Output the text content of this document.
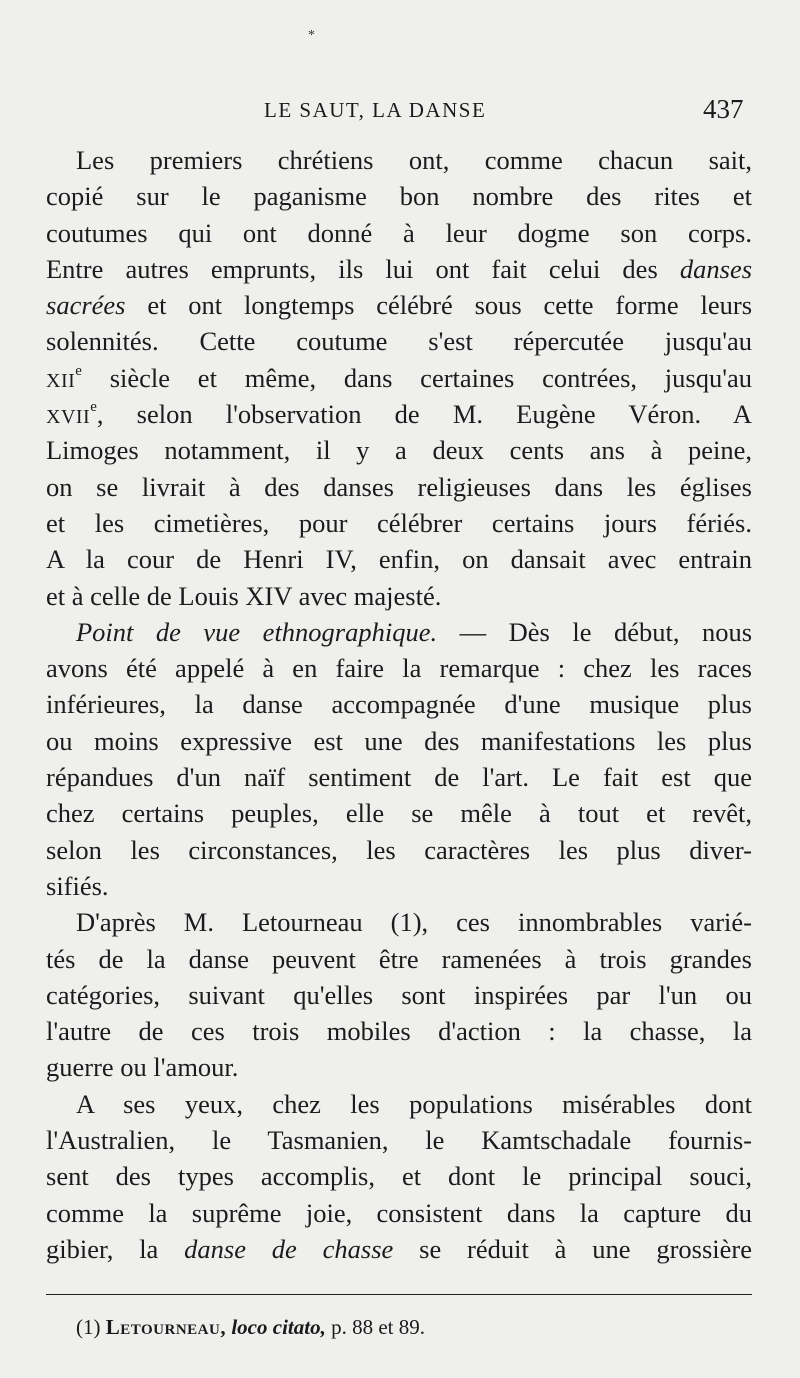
*
LE SAUT, LA DANSE	437
Les premiers chrétiens ont, comme chacun sait,
copié sur le paganisme bon nombre des rites et
coutumes qui ont donné à leur dogme son corps.
Entre autres emprunts, ils lui ont fait celui des danses
sacrées et ont longtemps célébré sous cette forme leurs
solennités. Cette coutume s'est répercutée jusqu'au
XIIe siècle et même, dans certaines contrées, jusqu'au
XVIIe, selon l'observation de M. Eugène Véron. A
Limoges notamment, il y a deux cents ans à peine,
on se livrait à des danses religieuses dans les églises
et les cimetières, pour célébrer certains jours fériés.
A la cour de Henri IV, enfin, on dansait avec entrain
et à celle de Louis XIV avec majesté.
Point de vue ethnographique. — Dès le début, nous
avons été appelé à en faire la remarque : chez les races
inférieures, la danse accompagnée d'une musique plus
ou moins expressive est une des manifestations les plus
répandues d'un naïf sentiment de l'art. Le fait est que
chez certains peuples, elle se mêle à tout et revêt,
selon les circonstances, les caractères les plus diver-
sifiés.
D'après M. Letourneau (1), ces innombrables varié-
tés de la danse peuvent être ramenées à trois grandes
catégories, suivant qu'elles sont inspirées par l'un ou
l'autre de ces trois mobiles d'action : la chasse, la
guerre ou l'amour.
A ses yeux, chez les populations misérables dont
l'Australien, le Tasmanien, le Kamtschadale fournis-
sent des types accomplis, et dont le principal souci,
comme la suprême joie, consistent dans la capture du
gibier, la danse de chasse se réduit à une grossière
(1) Letourneau, loco citato, p. 88 et 89.
